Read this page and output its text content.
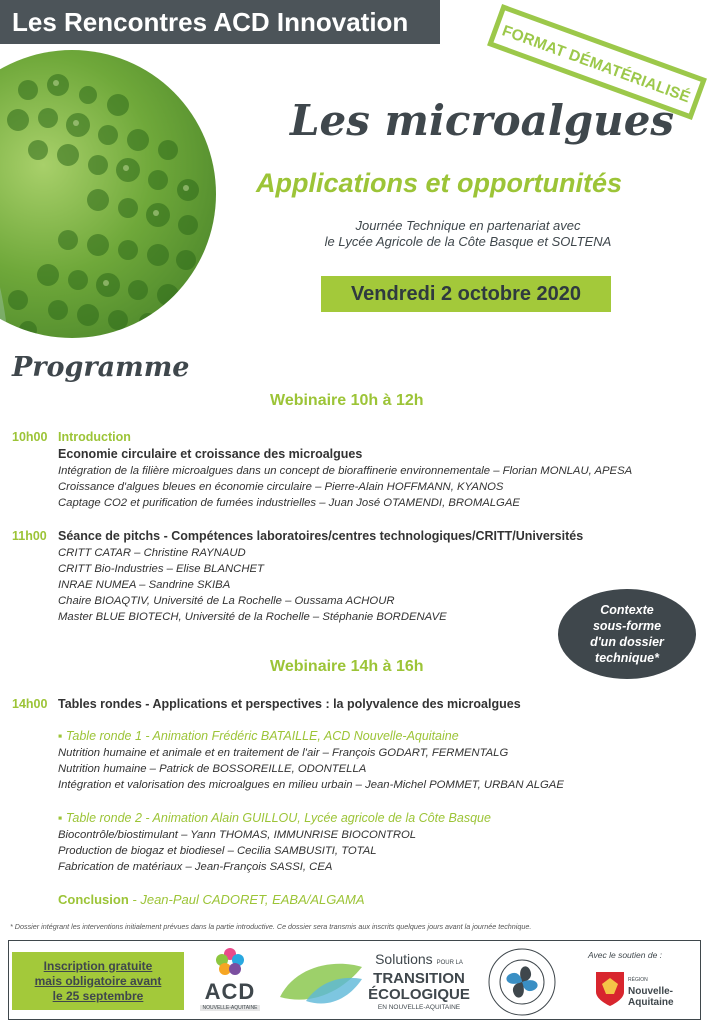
Les Rencontres ACD Innovation
FORMAT DÉMATÉRIALISÉ
Les microalgues
Applications et opportunités
Journée Technique en partenariat avec
le Lycée Agricole de la Côte Basque et SOLTENA
Vendredi 2 octobre 2020
Programme
Webinaire 10h à 12h
10h00 Introduction
Economie circulaire et croissance des microalgues
Intégration de la filière microalgues dans un concept de bioraffinerie environnementale – Florian MONLAU, APESA
Croissance d'algues bleues en économie circulaire – Pierre-Alain HOFFMANN, KYANOS
Captage CO2 et purification de fumées industrielles – Juan José OTAMENDI, BROMALGAE
11h00 Séance de pitchs - Compétences laboratoires/centres technologiques/CRITT/Universités
CRITT CATAR – Christine RAYNAUD
CRITT Bio-Industries – Elise BLANCHET
INRAE NUMEA – Sandrine SKIBA
Chaire BIOAQTIV, Université de La Rochelle – Oussama ACHOUR
Master BLUE BIOTECH, Université de la Rochelle – Stéphanie BORDENAVE	Contexte
sous-forme
d'un dossier
technique*
Webinaire 14h à 16h
14h00 Tables rondes - Applications et perspectives : la polyvalence des microalgues
▪ Table ronde 1 - Animation Frédéric BATAILLE, ACD Nouvelle-Aquitaine
Nutrition humaine et animale et en traitement de l'air – François GODART, FERMENTALG
Nutrition humaine – Patrick de BOSSOREILLE, ODONTELLA
Intégration et valorisation des microalgues en milieu urbain – Jean-Michel POMMET, URBAN ALGAE
▪ Table ronde 2 - Animation Alain GUILLOU, Lycée agricole de la Côte Basque
Biocontrôle/biostimulant – Yann THOMAS, IMMUNRISE BIOCONTROL
Production de biogaz et biodiesel – Cecilia SAMBUSITI, TOTAL
Fabrication de matériaux – Jean-François SASSI, CEA
Conclusion - Jean-Paul CADORET, EABA/ALGAMA
* Dossier intégrant les interventions initialement prévues dans la partie introductive. Ce dossier sera transmis aux inscrits quelques jours avant la journée technique.
Inscription gratuite
mais obligatoire avant
le 25 septembre	ACD
NOUVELLE-AQUITAINE
Solutions POUR LA
TRANSITION
ÉCOLOGIQUE
EN NOUVELLE-AQUITAINE
Avec le soutien de :
RÉGION
Nouvelle-
Aquitaine
